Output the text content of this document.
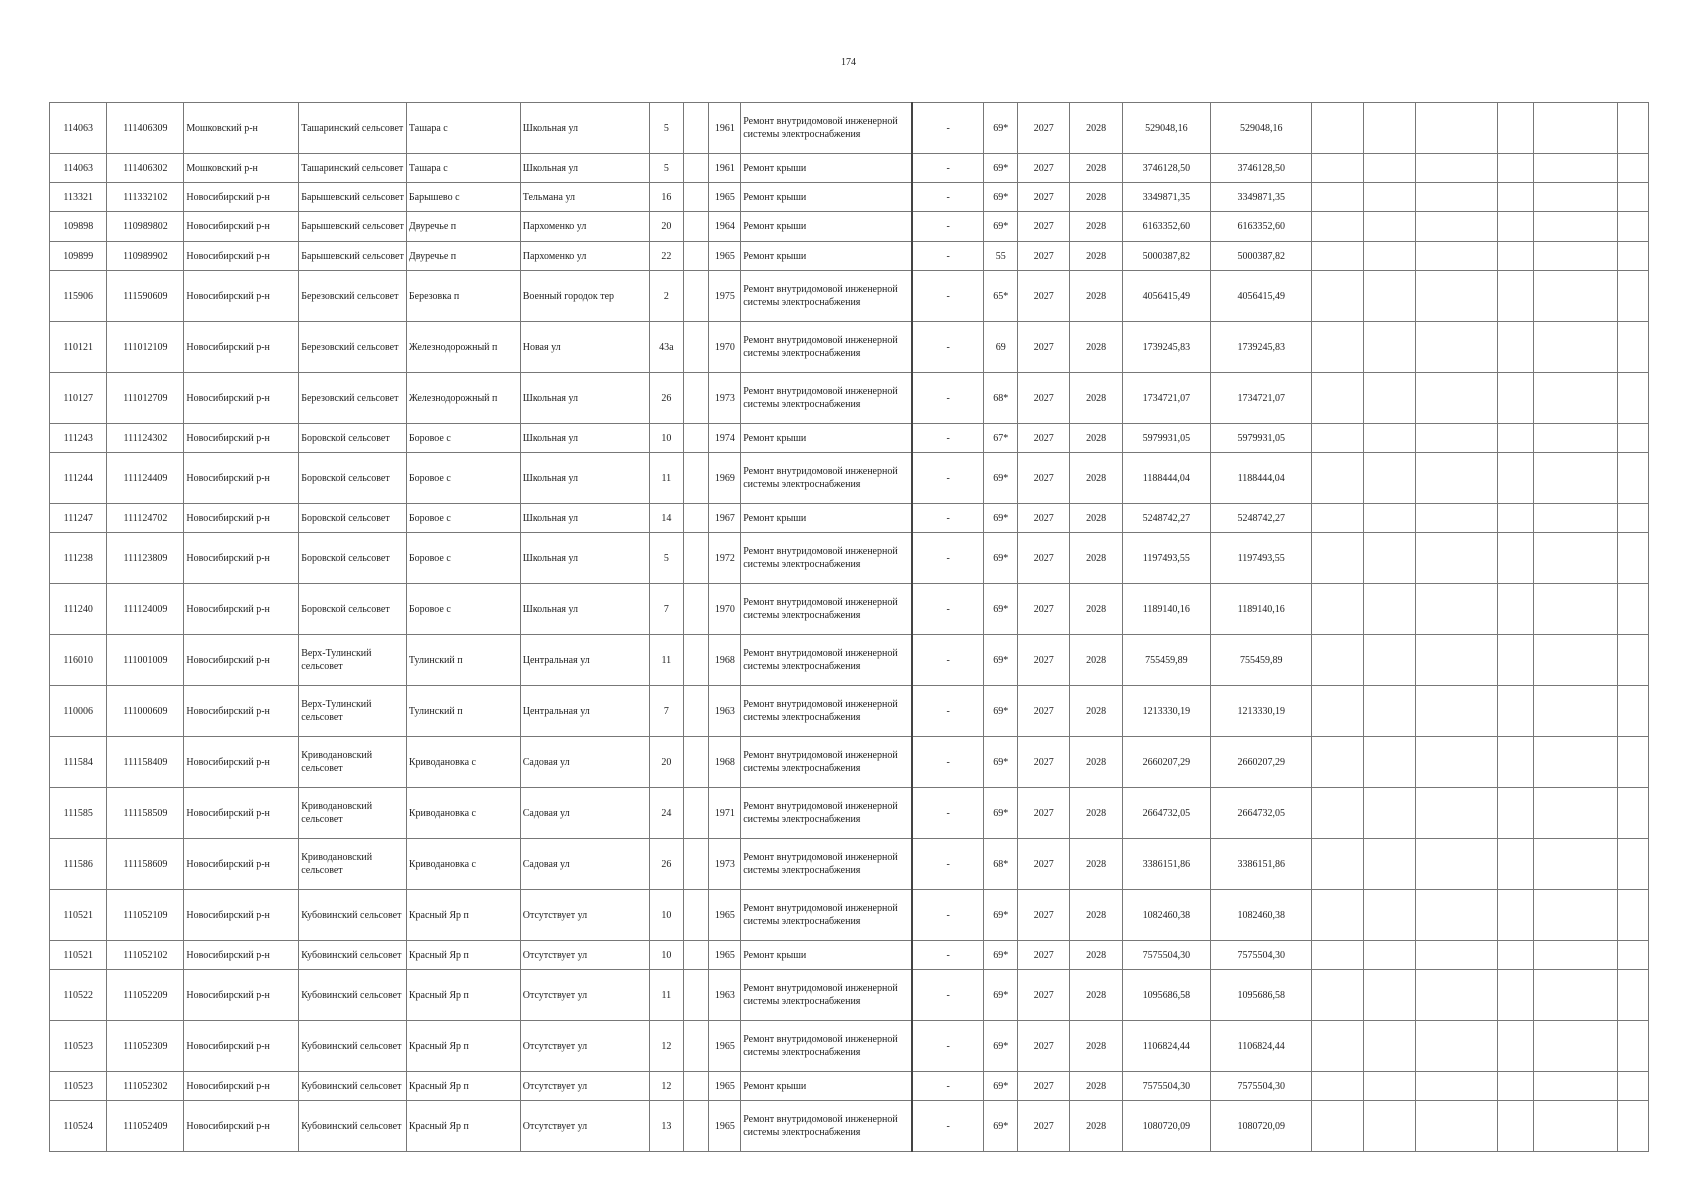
174
114063	111406309	Мошковский р-н	Ташаринский сельсовет	Ташара с	Школьная ул	5		1961	Ремонт внутридомовой инженерной системы электроснабжения	-	69*	2027	2028	529048,16	529048,16						
114063	111406302	Мошковский р-н	Ташаринский сельсовет	Ташара с	Школьная ул	5		1961	Ремонт крыши	-	69*	2027	2028	3746128,50	3746128,50						
113321	111332102	Новосибирский р-н	Барышевский сельсовет	Барышево с	Тельмана ул	16		1965	Ремонт крыши	-	69*	2027	2028	3349871,35	3349871,35						
109898	110989802	Новосибирский р-н	Барышевский сельсовет	Двуречье п	Пархоменко ул	20		1964	Ремонт крыши	-	69*	2027	2028	6163352,60	6163352,60						
109899	110989902	Новосибирский р-н	Барышевский сельсовет	Двуречье п	Пархоменко ул	22		1965	Ремонт крыши	-	55	2027	2028	5000387,82	5000387,82						
115906	111590609	Новосибирский р-н	Березовский сельсовет	Березовка п	Военный городок тер	2		1975	Ремонт внутридомовой инженерной системы электроснабжения	-	65*	2027	2028	4056415,49	4056415,49						
110121	111012109	Новосибирский р-н	Березовский сельсовет	Железнодорожный п	Новая ул	43а		1970	Ремонт внутридомовой инженерной системы электроснабжения	-	69	2027	2028	1739245,83	1739245,83						
110127	111012709	Новосибирский р-н	Березовский сельсовет	Железнодорожный п	Школьная ул	26		1973	Ремонт внутридомовой инженерной системы электроснабжения	-	68*	2027	2028	1734721,07	1734721,07						
111243	111124302	Новосибирский р-н	Боровской сельсовет	Боровое с	Школьная ул	10		1974	Ремонт крыши	-	67*	2027	2028	5979931,05	5979931,05						
111244	111124409	Новосибирский р-н	Боровской сельсовет	Боровое с	Школьная ул	11		1969	Ремонт внутридомовой инженерной системы электроснабжения	-	69*	2027	2028	1188444,04	1188444,04						
111247	111124702	Новосибирский р-н	Боровской сельсовет	Боровое с	Школьная ул	14		1967	Ремонт крыши	-	69*	2027	2028	5248742,27	5248742,27						
111238	111123809	Новосибирский р-н	Боровской сельсовет	Боровое с	Школьная ул	5		1972	Ремонт внутридомовой инженерной системы электроснабжения	-	69*	2027	2028	1197493,55	1197493,55						
111240	111124009	Новосибирский р-н	Боровской сельсовет	Боровое с	Школьная ул	7		1970	Ремонт внутридомовой инженерной системы электроснабжения	-	69*	2027	2028	1189140,16	1189140,16						
116010	111001009	Новосибирский р-н	Верх-Тулинский сельсовет	Тулинский п	Центральная ул	11		1968	Ремонт внутридомовой инженерной системы электроснабжения	-	69*	2027	2028	755459,89	755459,89						
110006	111000609	Новосибирский р-н	Верх-Тулинский сельсовет	Тулинский п	Центральная ул	7		1963	Ремонт внутридомовой инженерной системы электроснабжения	-	69*	2027	2028	1213330,19	1213330,19						
111584	111158409	Новосибирский р-н	Криводановский сельсовет	Криводановка с	Садовая ул	20		1968	Ремонт внутридомовой инженерной системы электроснабжения	-	69*	2027	2028	2660207,29	2660207,29						
111585	111158509	Новосибирский р-н	Криводановский сельсовет	Криводановка с	Садовая ул	24		1971	Ремонт внутридомовой инженерной системы электроснабжения	-	69*	2027	2028	2664732,05	2664732,05						
111586	111158609	Новосибирский р-н	Криводановский сельсовет	Криводановка с	Садовая ул	26		1973	Ремонт внутридомовой инженерной системы электроснабжения	-	68*	2027	2028	3386151,86	3386151,86						
110521	111052109	Новосибирский р-н	Кубовинский сельсовет	Красный Яр п	Отсутствует ул	10		1965	Ремонт внутридомовой инженерной системы электроснабжения	-	69*	2027	2028	1082460,38	1082460,38						
110521	111052102	Новосибирский р-н	Кубовинский сельсовет	Красный Яр п	Отсутствует ул	10		1965	Ремонт крыши	-	69*	2027	2028	7575504,30	7575504,30						
110522	111052209	Новосибирский р-н	Кубовинский сельсовет	Красный Яр п	Отсутствует ул	11		1963	Ремонт внутридомовой инженерной системы электроснабжения	-	69*	2027	2028	1095686,58	1095686,58						
110523	111052309	Новосибирский р-н	Кубовинский сельсовет	Красный Яр п	Отсутствует ул	12		1965	Ремонт внутридомовой инженерной системы электроснабжения	-	69*	2027	2028	1106824,44	1106824,44						
110523	111052302	Новосибирский р-н	Кубовинский сельсовет	Красный Яр п	Отсутствует ул	12		1965	Ремонт крыши	-	69*	2027	2028	7575504,30	7575504,30						
110524	111052409	Новосибирский р-н	Кубовинский сельсовет	Красный Яр п	Отсутствует ул	13		1965	Ремонт внутридомовой инженерной системы электроснабжения	-	69*	2027	2028	1080720,09	1080720,09						
